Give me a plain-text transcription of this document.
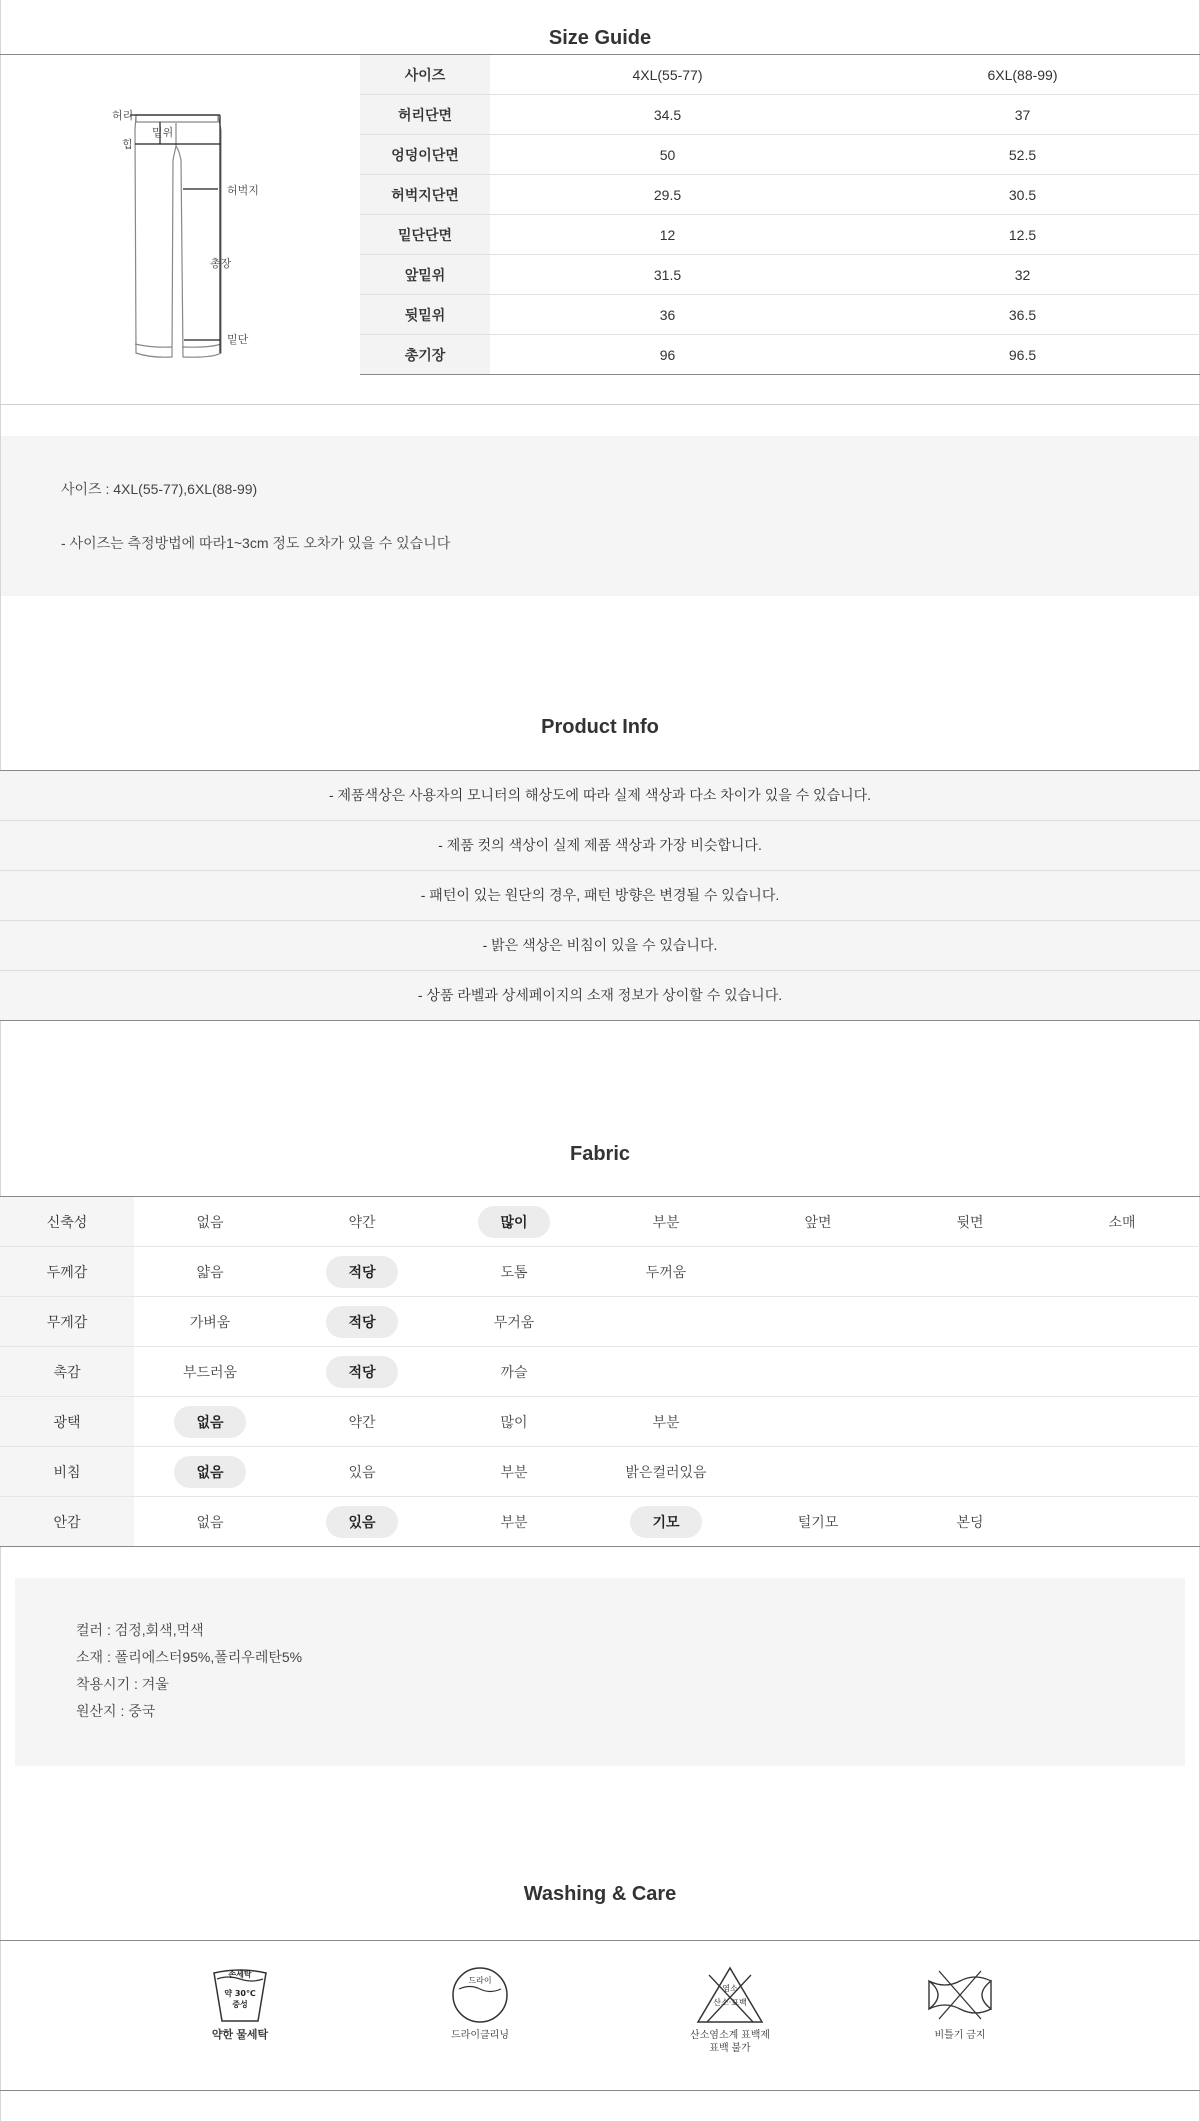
Size Guide
허리
힙
밑위
허벅지
총장
밑단
사이즈	4XL(55-77)	6XL(88-99)
허리단면	34.5	37
엉덩이단면	50	52.5
허벅지단면	29.5	30.5
밑단단면	12	12.5
앞밑위	31.5	32
뒷밑위	36	36.5
총기장	96	96.5
사이즈 : 4XL(55-77),6XL(88-99)
- 사이즈는 측정방법에 따라1~3cm 정도 오차가 있을 수 있습니다
Product Info
- 제품색상은 사용자의 모니터의 해상도에 따라 실제 색상과 다소 차이가 있을 수 있습니다.
- 제품 컷의 색상이 실제 제품 색상과 가장 비슷합니다.
- 패턴이 있는 원단의 경우, 패턴 방향은 변경될 수 있습니다.
- 밝은 색상은 비침이 있을 수 있습니다.
- 상품 라벨과 상세페이지의 소재 정보가 상이할 수 있습니다.
Fabric
신축성	없음	약간	많이	부분	앞면	뒷면	소매
두께감	얇음	적당	도톰	두꺼움
무게감	가벼움	적당	무거움
촉감	부드러움	적당	까슬
광택	없음	약간	많이	부분
비침	없음	있음	부분	밝은컬러있음
안감	없음	있음	부분	기모	털기모	본딩
컬러 : 검정,회색,먹색
소재 : 폴리에스터95%,폴리우레탄5%
착용시기 : 겨울
원산지 : 중국
Washing & Care
손세탁
약 30℃
중성
약한 물세탁
드라이
드라이클리닝
염소
산소·표백
산소염소계 표백제
표백 불가
비틀기 금지
